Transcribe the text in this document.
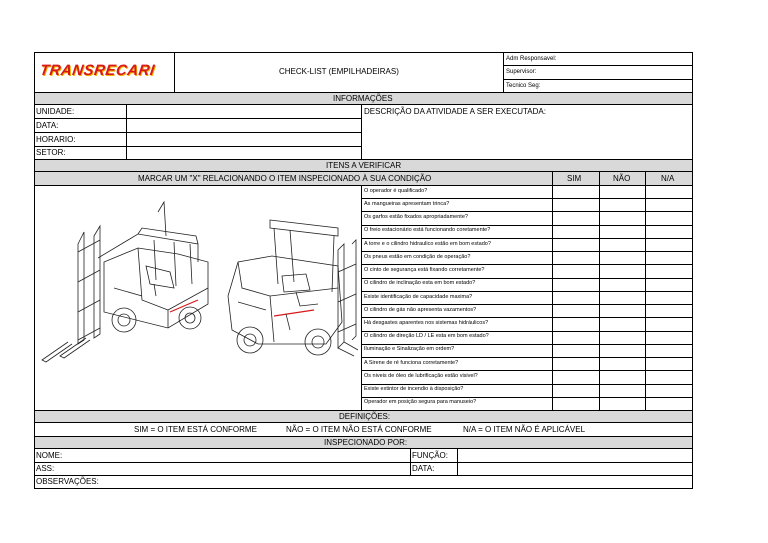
TRANSRECARI	CHECK-LIST (EMPILHADEIRAS)
Adm Responsavel:
Supervisor:
Tecnico Seg:
INFORMAÇÕES
UNIDADE:
DATA:
HORARIO:
SETOR:
DESCRIÇÃO DA ATIVIDADE A SER EXECUTADA:
ITENS A VERIFICAR
MARCAR UM "X" RELACIONANDO O ITEM INSPECIONADO À SUA CONDIÇÃO	SIM	NÃO	N/A
O operador é qualificado?
As mangueiras apresentam trinca?
Os garfos estão fixados apropriadamente?
O freio estacionário está funcionando coretamente?
A torre e o cilindro hidraulico estão em bom estado?
Os pneus estão em condição de operação?
O cinto de segurança está fixando corretamente?
O cilindro de inclinação esta em bom estado?
Existe identificação de capacidade maxima?
O cilindro de gás não apresenta vazamentos?
Há desgastes aparentes nos sistemas hidráulicos?
O cilindro de direção LD / LE esta em bom estado?
Iluminação e Sinalização em ordem?
A Sirene de ré funciona corretamente?
Os niveis de óleo de lubrificação estão visivel?
Existe extintor de incendio à disposição?
Operador em posição segura para manuseio?
DEFINIÇÕES:
SIM = O ITEM ESTÁ CONFORME	NÃO = O ITEM NÃO ESTÁ CONFORME	N/A = O ITEM NÃO É APLICÁVEL
INSPECIONADO POR:
NOME:	FUNÇÃO:
ASS:	DATA:
OBSERVAÇÕES:
